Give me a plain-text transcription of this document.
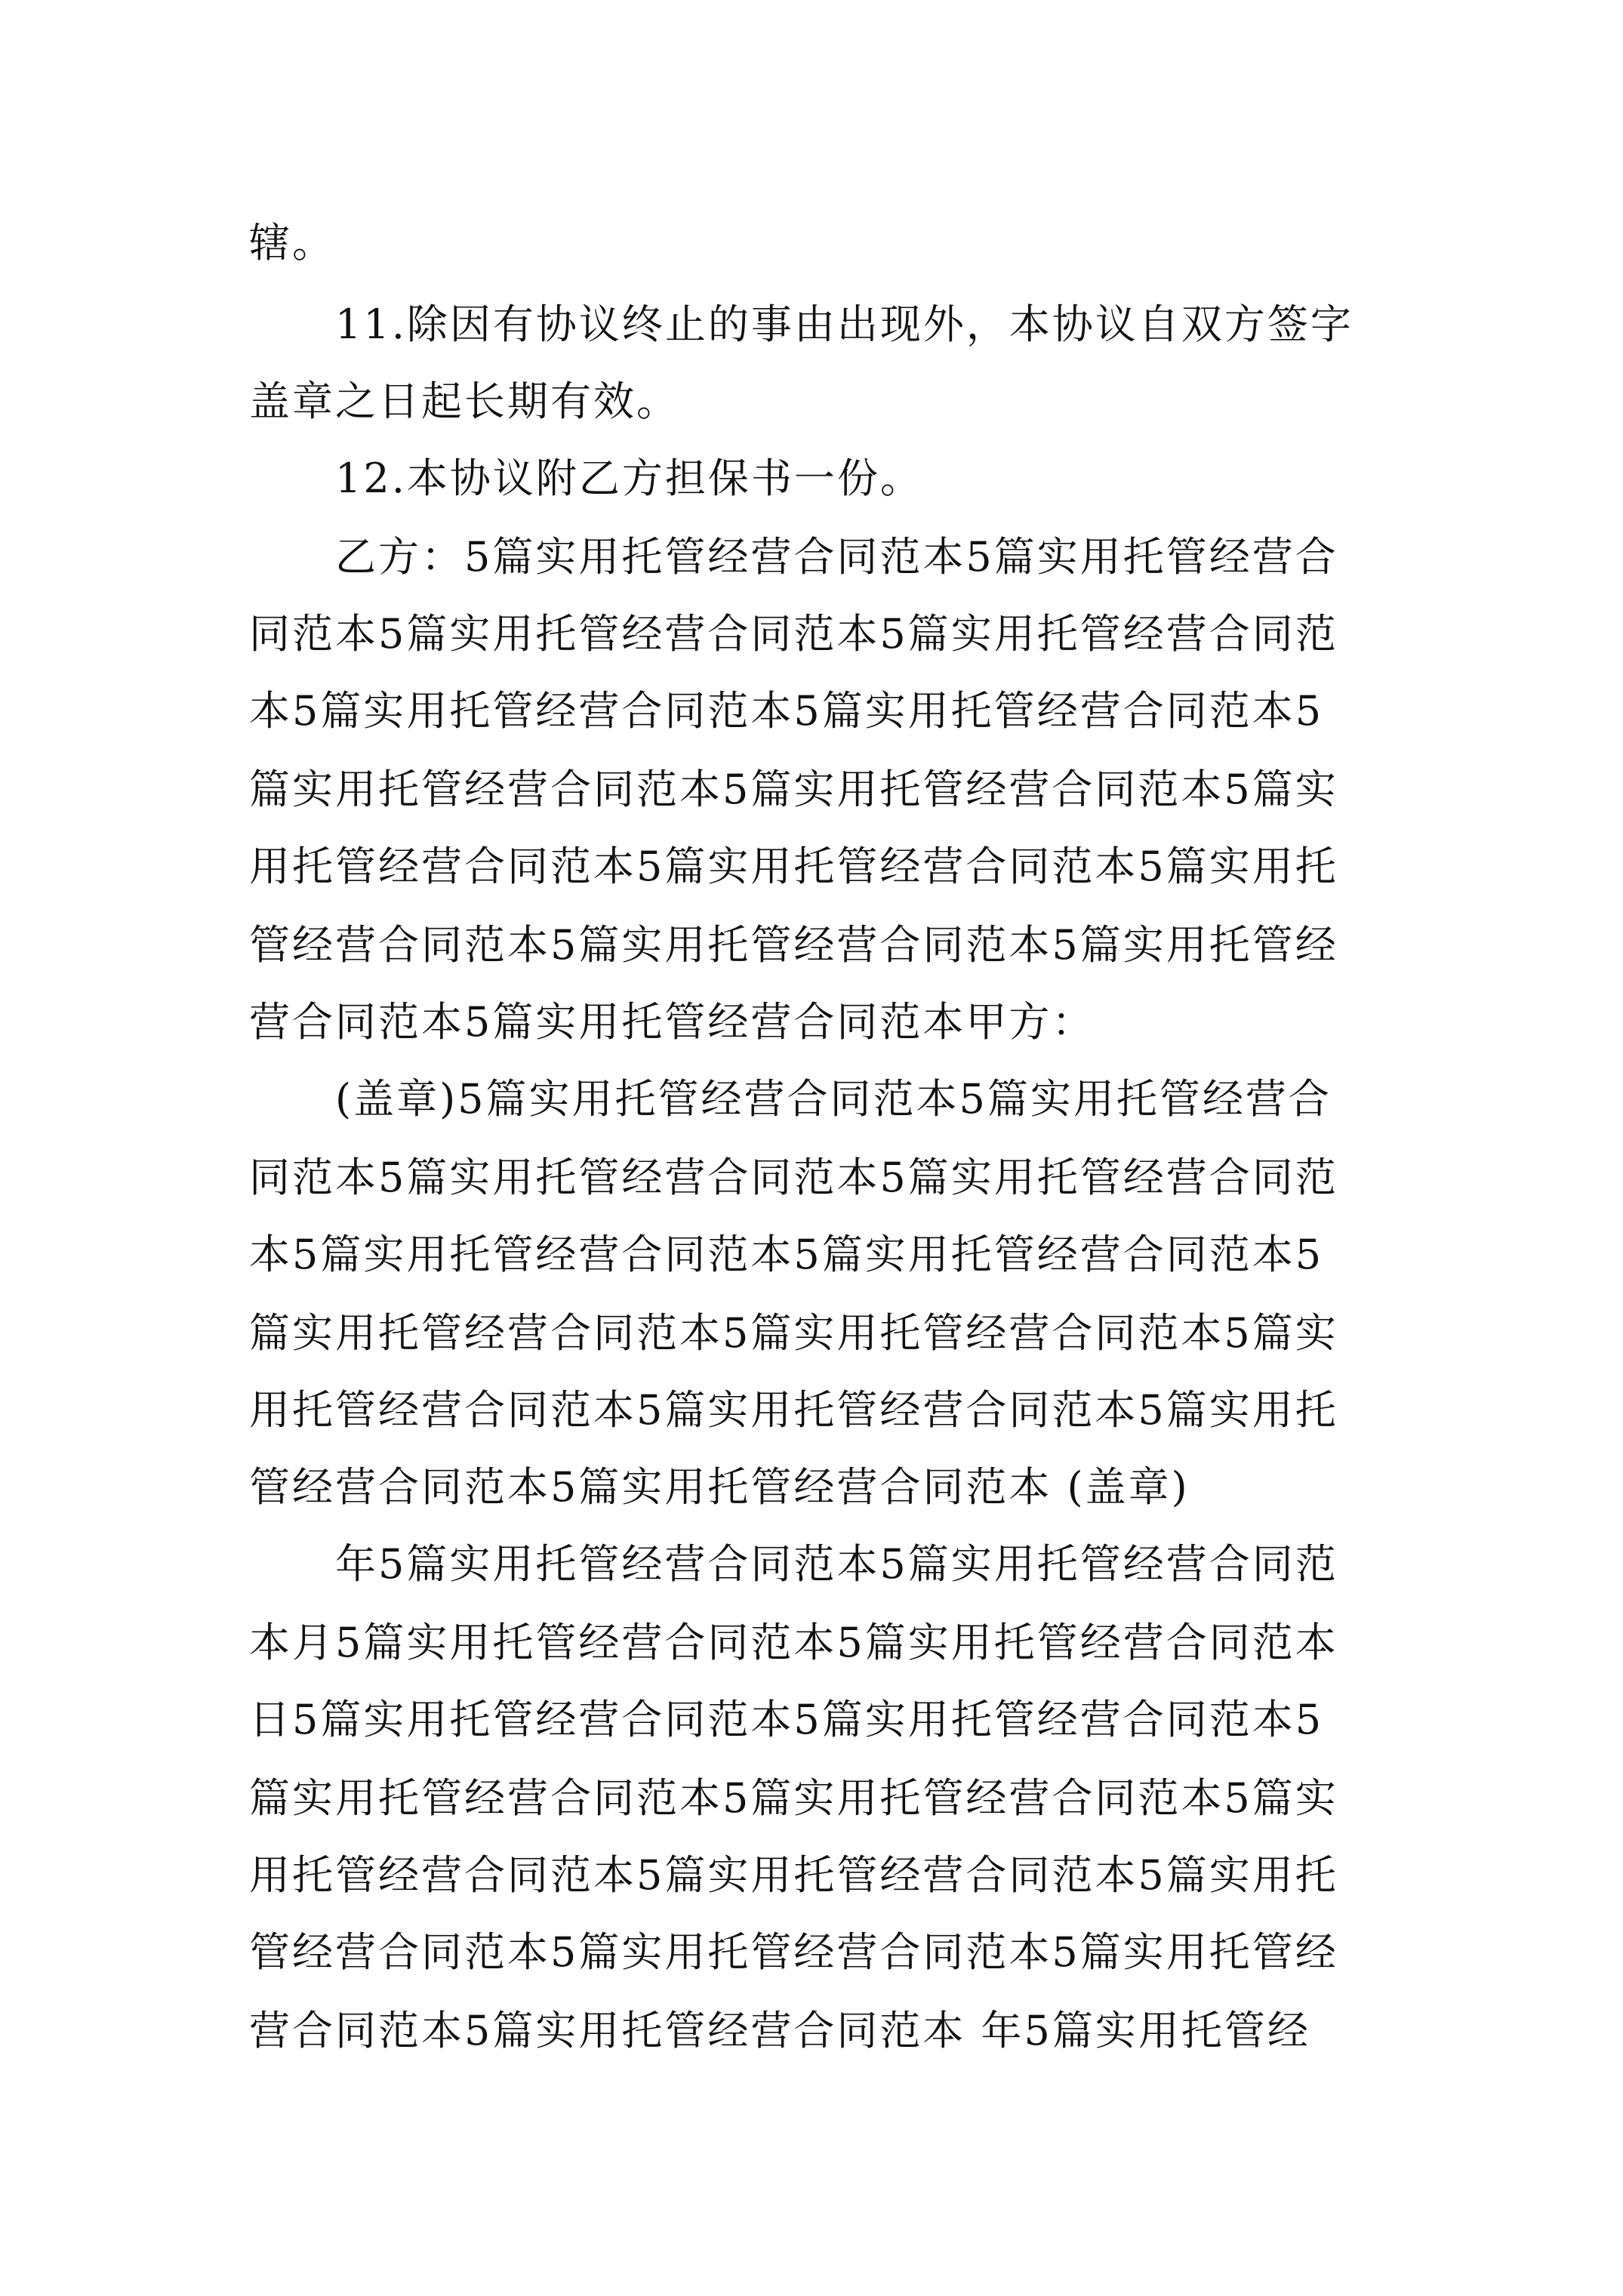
辖。
11.除因有协议终止的事由出现外，本协议自双方签字
盖章之日起长期有效。
12.本协议附乙方担保书一份。
乙方：5篇实用托管经营合同范本5篇实用托管经营合
同范本5篇实用托管经营合同范本5篇实用托管经营合同范
本5篇实用托管经营合同范本5篇实用托管经营合同范本5
篇实用托管经营合同范本5篇实用托管经营合同范本5篇实
用托管经营合同范本5篇实用托管经营合同范本5篇实用托
管经营合同范本5篇实用托管经营合同范本5篇实用托管经
营合同范本5篇实用托管经营合同范本甲方：
(盖章)5篇实用托管经营合同范本5篇实用托管经营合
同范本5篇实用托管经营合同范本5篇实用托管经营合同范
本5篇实用托管经营合同范本5篇实用托管经营合同范本5
篇实用托管经营合同范本5篇实用托管经营合同范本5篇实
用托管经营合同范本5篇实用托管经营合同范本5篇实用托
管经营合同范本5篇实用托管经营合同范本 (盖章)
年5篇实用托管经营合同范本5篇实用托管经营合同范
本月5篇实用托管经营合同范本5篇实用托管经营合同范本
日5篇实用托管经营合同范本5篇实用托管经营合同范本5
篇实用托管经营合同范本5篇实用托管经营合同范本5篇实
用托管经营合同范本5篇实用托管经营合同范本5篇实用托
管经营合同范本5篇实用托管经营合同范本5篇实用托管经
营合同范本5篇实用托管经营合同范本 年5篇实用托管经
